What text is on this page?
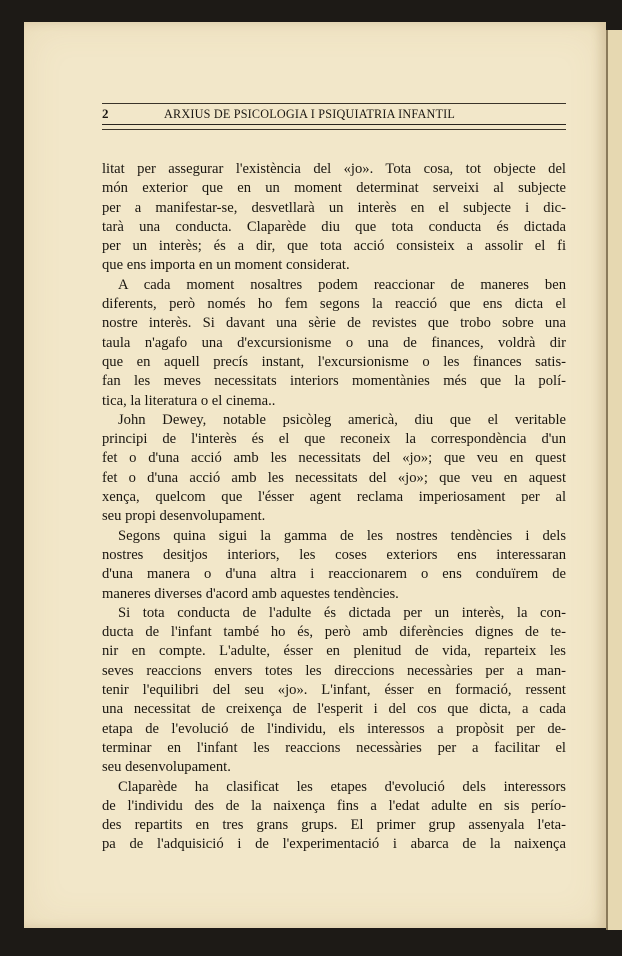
2	ARXIUS DE PSICOLOGIA I PSIQUIATRIA INFANTIL
litat per assegurar l'existència del «jo». Tota cosa, tot objecte del
món exterior que en un moment determinat serveixi al subjecte
per a manifestar-se, desvetllarà un interès en el subjecte i dic-
tarà una conducta. Claparède diu que tota conducta és dictada
per un interès; és a dir, que tota acció consisteix a assolir el fi
que ens importa en un moment considerat.
A cada moment nosaltres podem reaccionar de maneres ben
diferents, però només ho fem segons la reacció que ens dicta el
nostre interès. Si davant una sèrie de revistes que trobo sobre una
taula n'agafo una d'excursionisme o una de finances, voldrà dir
que en aquell precís instant, l'excursionisme o les finances satis-
fan les meves necessitats interiors momentànies més que la polí-
tica, la literatura o el cinema..
John Dewey, notable psicòleg americà, diu que el veritable
principi de l'interès és el que reconeix la correspondència d'un
fet o d'una acció amb les necessitats del «jo»; que veu en quest
fet o d'una acció amb les necessitats del «jo»; que veu en aquest
xença, quelcom que l'ésser agent reclama imperiosament per al
seu propi desenvolupament.
Segons quina sigui la gamma de les nostres tendències i dels
nostres desitjos interiors, les coses exteriors ens interessaran
d'una manera o d'una altra i reaccionarem o ens conduïrem de
maneres diverses d'acord amb aquestes tendències.
Si tota conducta de l'adulte és dictada per un interès, la con-
ducta de l'infant també ho és, però amb diferències dignes de te-
nir en compte. L'adulte, ésser en plenitud de vida, reparteix les
seves reaccions envers totes les direccions necessàries per a man-
tenir l'equilibri del seu «jo». L'infant, ésser en formació, ressent
una necessitat de creixença de l'esperit i del cos que dicta, a cada
etapa de l'evolució de l'individu, els interessos a propòsit per de-
terminar en l'infant les reaccions necessàries per a facilitar el
seu desenvolupament.
Claparède ha clasificat les etapes d'evolució dels interessors
de l'individu des de la naixença fins a l'edat adulte en sis perío-
des repartits en tres grans grups. El primer grup assenyala l'eta-
pa de l'adquisició i de l'experimentació i abarca de la naixença
